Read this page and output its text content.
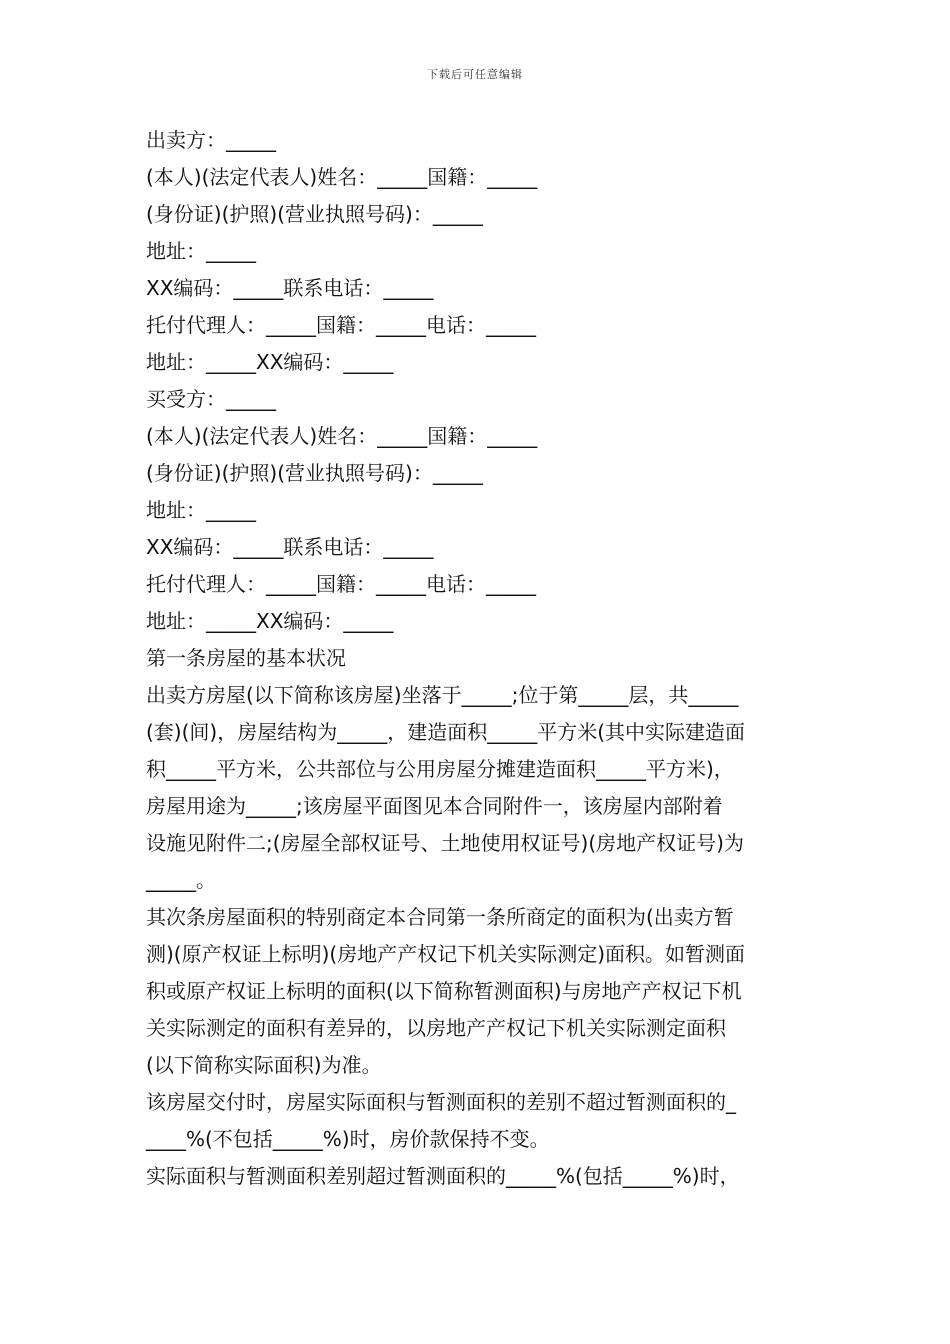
下载后可任意编辑
出卖方：_____
(本人)(法定代表人)姓名：_____国籍：_____
(身份证)(护照)(营业执照号码)：_____
地址：_____
XX编码：_____联系电话：_____
托付代理人：_____国籍：_____电话：_____
地址：_____XX编码：_____
买受方：_____
(本人)(法定代表人)姓名：_____国籍：_____
(身份证)(护照)(营业执照号码)：_____
地址：_____
XX编码：_____联系电话：_____
托付代理人：_____国籍：_____电话：_____
地址：_____XX编码：_____
第一条房屋的基本状况
出卖方房屋(以下简称该房屋)坐落于_____;位于第_____层，共_____
(套)(间)，房屋结构为_____，建造面积_____平方米(其中实际建造面
积_____平方米，公共部位与公用房屋分摊建造面积_____平方米)，
房屋用途为_____;该房屋平面图见本合同附件一，该房屋内部附着
设施见附件二;(房屋全部权证号、土地使用权证号)(房地产权证号)为
_____。
其次条房屋面积的特别商定本合同第一条所商定的面积为(出卖方暂
测)(原产权证上标明)(房地产产权记下机关实际测定)面积。如暂测面
积或原产权证上标明的面积(以下简称暂测面积)与房地产产权记下机
关实际测定的面积有差异的，以房地产产权记下机关实际测定面积
(以下简称实际面积)为准。
该房屋交付时，房屋实际面积与暂测面积的差别不超过暂测面积的_
____%(不包括_____%)时，房价款保持不变。
实际面积与暂测面积差别超过暂测面积的_____%(包括_____%)时，
